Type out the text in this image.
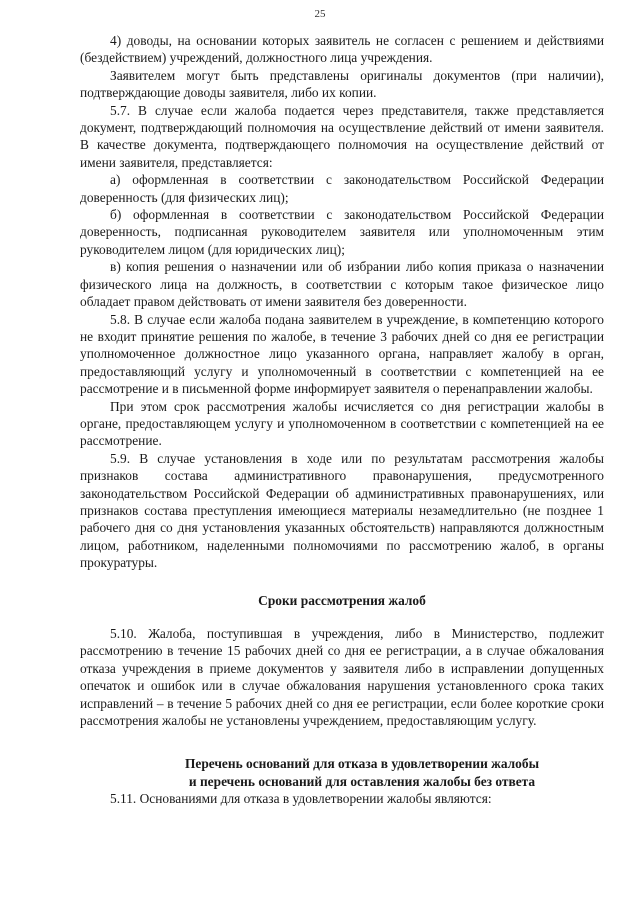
25

4) доводы, на основании которых заявитель не согласен с решением и действиями (бездействием) учреждений, должностного лица учреждения.

Заявителем могут быть представлены оригиналы документов (при наличии), подтверждающие доводы заявителя, либо их копии.

5.7. В случае если жалоба подается через представителя, также представляется документ, подтверждающий полномочия на осуществление действий от имени заявителя. В качестве документа, подтверждающего полномочия на осуществление действий от имени заявителя, представляется:

а) оформленная в соответствии с законодательством Российской Федерации доверенность (для физических лиц);

б) оформленная в соответствии с законодательством Российской Федерации доверенность, подписанная руководителем заявителя или уполномоченным этим руководителем лицом (для юридических лиц);

в) копия решения о назначении или об избрании либо копия приказа о назначении физического лица на должность, в соответствии с которым такое физическое лицо обладает правом действовать от имени заявителя без доверенности.

5.8. В случае если жалоба подана заявителем в учреждение, в компетенцию которого не входит принятие решения по жалобе, в течение 3 рабочих дней со дня ее регистрации уполномоченное должностное лицо указанного органа, направляет жалобу в орган, предоставляющий услугу и уполномоченный в соответствии с компетенцией на ее рассмотрение и в письменной форме информирует заявителя о перенаправлении жалобы.

При этом срок рассмотрения жалобы исчисляется со дня регистрации жалобы в органе, предоставляющем услугу и уполномоченном в соответствии с компетенцией на ее рассмотрение.

5.9. В случае установления в ходе или по результатам рассмотрения жалобы признаков состава административного правонарушения, предусмотренного законодательством Российской Федерации об административных правонарушениях, или признаков состава преступления имеющиеся материалы незамедлительно (не позднее 1 рабочего дня со дня установления указанных обстоятельств) направляются должностным лицом, работником, наделенными полномочиями по рассмотрению жалоб, в органы прокуратуры.

Сроки рассмотрения жалоб

5.10. Жалоба, поступившая в учреждения, либо в Министерство, подлежит рассмотрению в течение 15 рабочих дней со дня ее регистрации, а в случае обжалования отказа учреждения в приеме документов у заявителя либо в исправлении допущенных опечаток и ошибок или в случае обжалования нарушения установленного срока таких исправлений – в течение 5 рабочих дней со дня ее регистрации, если более короткие сроки рассмотрения жалобы не установлены учреждением, предоставляющим услугу.

Перечень оснований для отказа в удовлетворении жалобы
и перечень оснований для оставления жалобы без ответа

5.11. Основаниями для отказа в удовлетворении жалобы являются:
